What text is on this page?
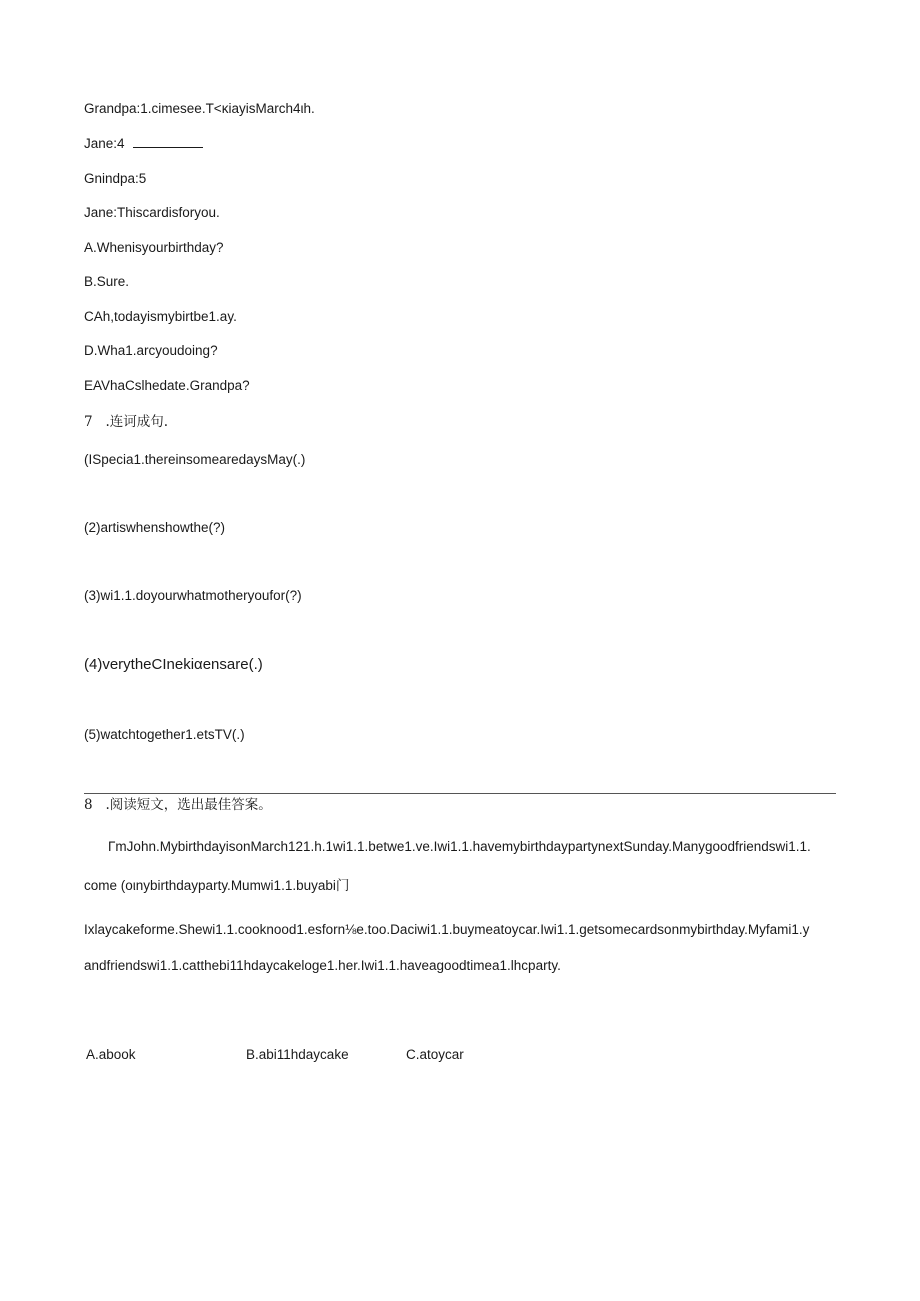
Grandpa:1.cimesee.T<κiayisMarch4ιh.
Jane:4
Gnindpa:5
Jane:Thiscardisforyou.
A.Whenisyourbirthday?
B.Sure.
CAh,todayismybirtbe1.ay.
D.Wha1.arcyoudoing?
EAVhaCslhedate.Grandpa?
7   .连诃成句.
(ISpecia1.thereinsomearedaysMay(.)
(2)artiswhenshowthe(?)
(3)wi1.1.doyourwhatmotheryoufor(?)
(4)verytheCInekiαensare(.)
(5)watchtogether1.etsTV(.)
8   .阅读短文，选出最佳答案。
ΓmJohn.MybirthdayisonMarch121.h.1wi1.1.betwe1.ve.Iwi1.1.havemybirthdaypartynextSunday.Manygoodfriendswi1.1.
come (oιnybirthdayparty.Mumwi1.1.buyabi门
Ixlaycakeforme.Shewi1.1.cooknood1.esforn⅛e.too.Daciwi1.1.buymeatoycar.Iwi1.1.getsomecardsonmybirthday.Myfami1.y
andfriendswi1.1.catthebi11hdaycakeloge1.her.Iwi1.1.haveagoodtimea1.lhcparty.
A.abook	B.abi11hdaycake	C.atoycar
